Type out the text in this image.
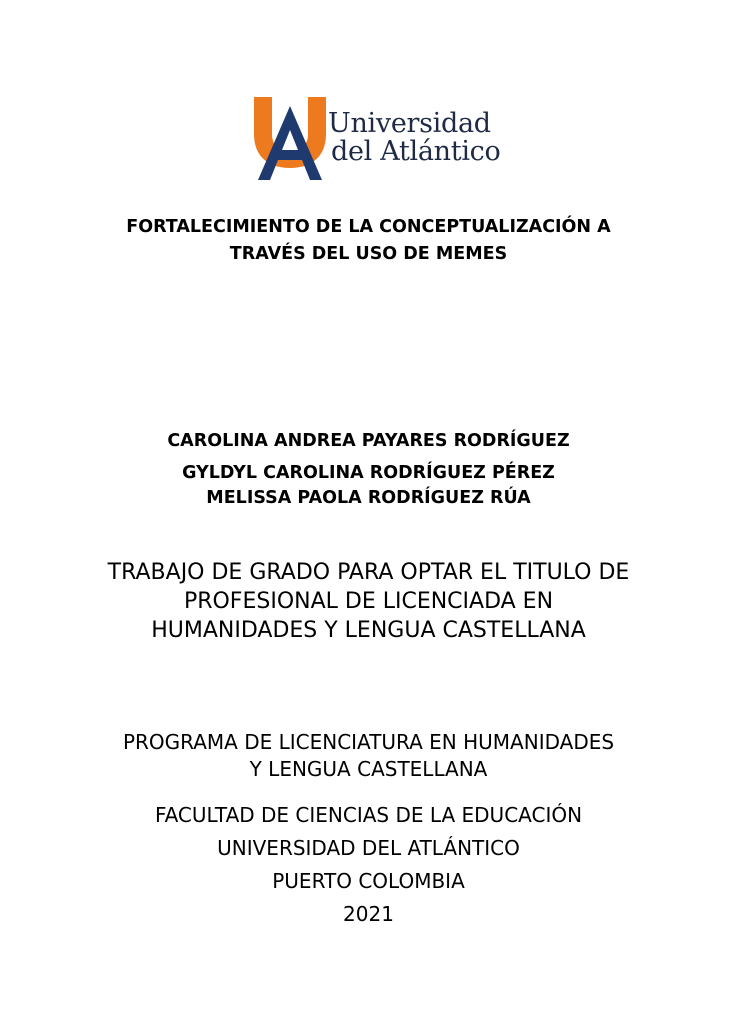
Universidad
del Atlántico
FORTALECIMIENTO DE LA CONCEPTUALIZACIÓN A
TRAVÉS DEL USO DE MEMES
CAROLINA ANDREA PAYARES RODRÍGUEZ
GYLDYL CAROLINA RODRÍGUEZ PÉREZ
MELISSA PAOLA RODRÍGUEZ RÚA
TRABAJO DE GRADO PARA OPTAR EL TITULO DE
PROFESIONAL DE LICENCIADA EN
HUMANIDADES Y LENGUA CASTELLANA
PROGRAMA DE LICENCIATURA EN HUMANIDADES
Y LENGUA CASTELLANA
FACULTAD DE CIENCIAS DE LA EDUCACIÓN
UNIVERSIDAD DEL ATLÁNTICO
PUERTO COLOMBIA
2021
